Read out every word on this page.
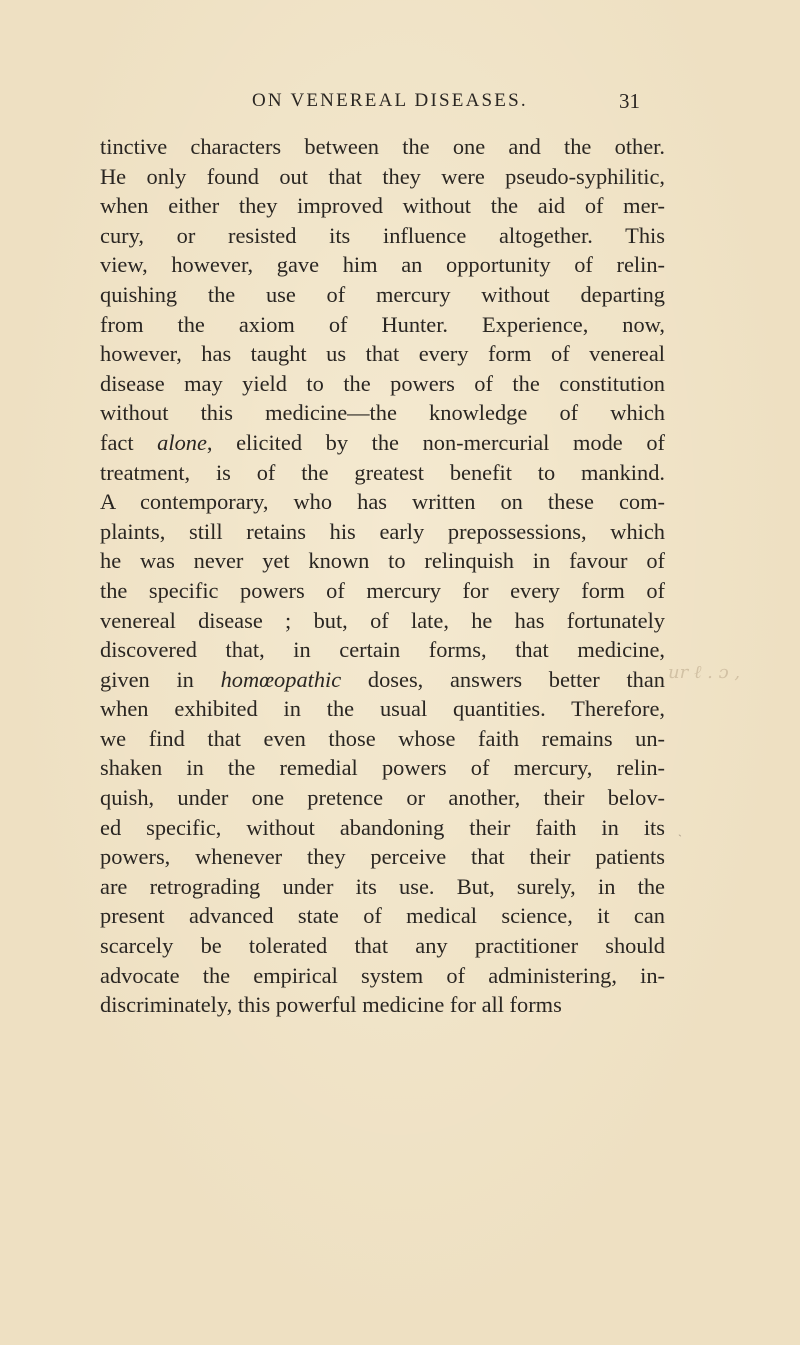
ON VENEREAL DISEASES.	31
tinctive characters between the one and the other.
He only found out that they were pseudo-syphilitic,
when either they improved without the aid of mer-
cury, or resisted its influence altogether. This
view, however, gave him an opportunity of relin-
quishing the use of mercury without departing
from the axiom of Hunter. Experience, now,
however, has taught us that every form of venereal
disease may yield to the powers of the constitution
without this medicine—the knowledge of which
fact alone, elicited by the non-mercurial mode of
treatment, is of the greatest benefit to mankind.
A contemporary, who has written on these com-
plaints, still retains his early prepossessions, which
he was never yet known to relinquish in favour of
the specific powers of mercury for every form of
venereal disease ; but, of late, he has fortunately
discovered that, in certain forms, that medicine,
given in homœopathic doses, answers better than
when exhibited in the usual quantities. Therefore,
we find that even those whose faith remains un-
shaken in the remedial powers of mercury, relin-
quish, under one pretence or another, their belov-
ed specific, without abandoning their faith in its
powers, whenever they perceive that their patients
are retrograding under its use. But, surely, in the
present advanced state of medical science, it can
scarcely be tolerated that any practitioner should
advocate the empirical system of administering, in-
discriminately, this powerful medicine for all forms
ur ℓ . ɔ ,
ˎ
